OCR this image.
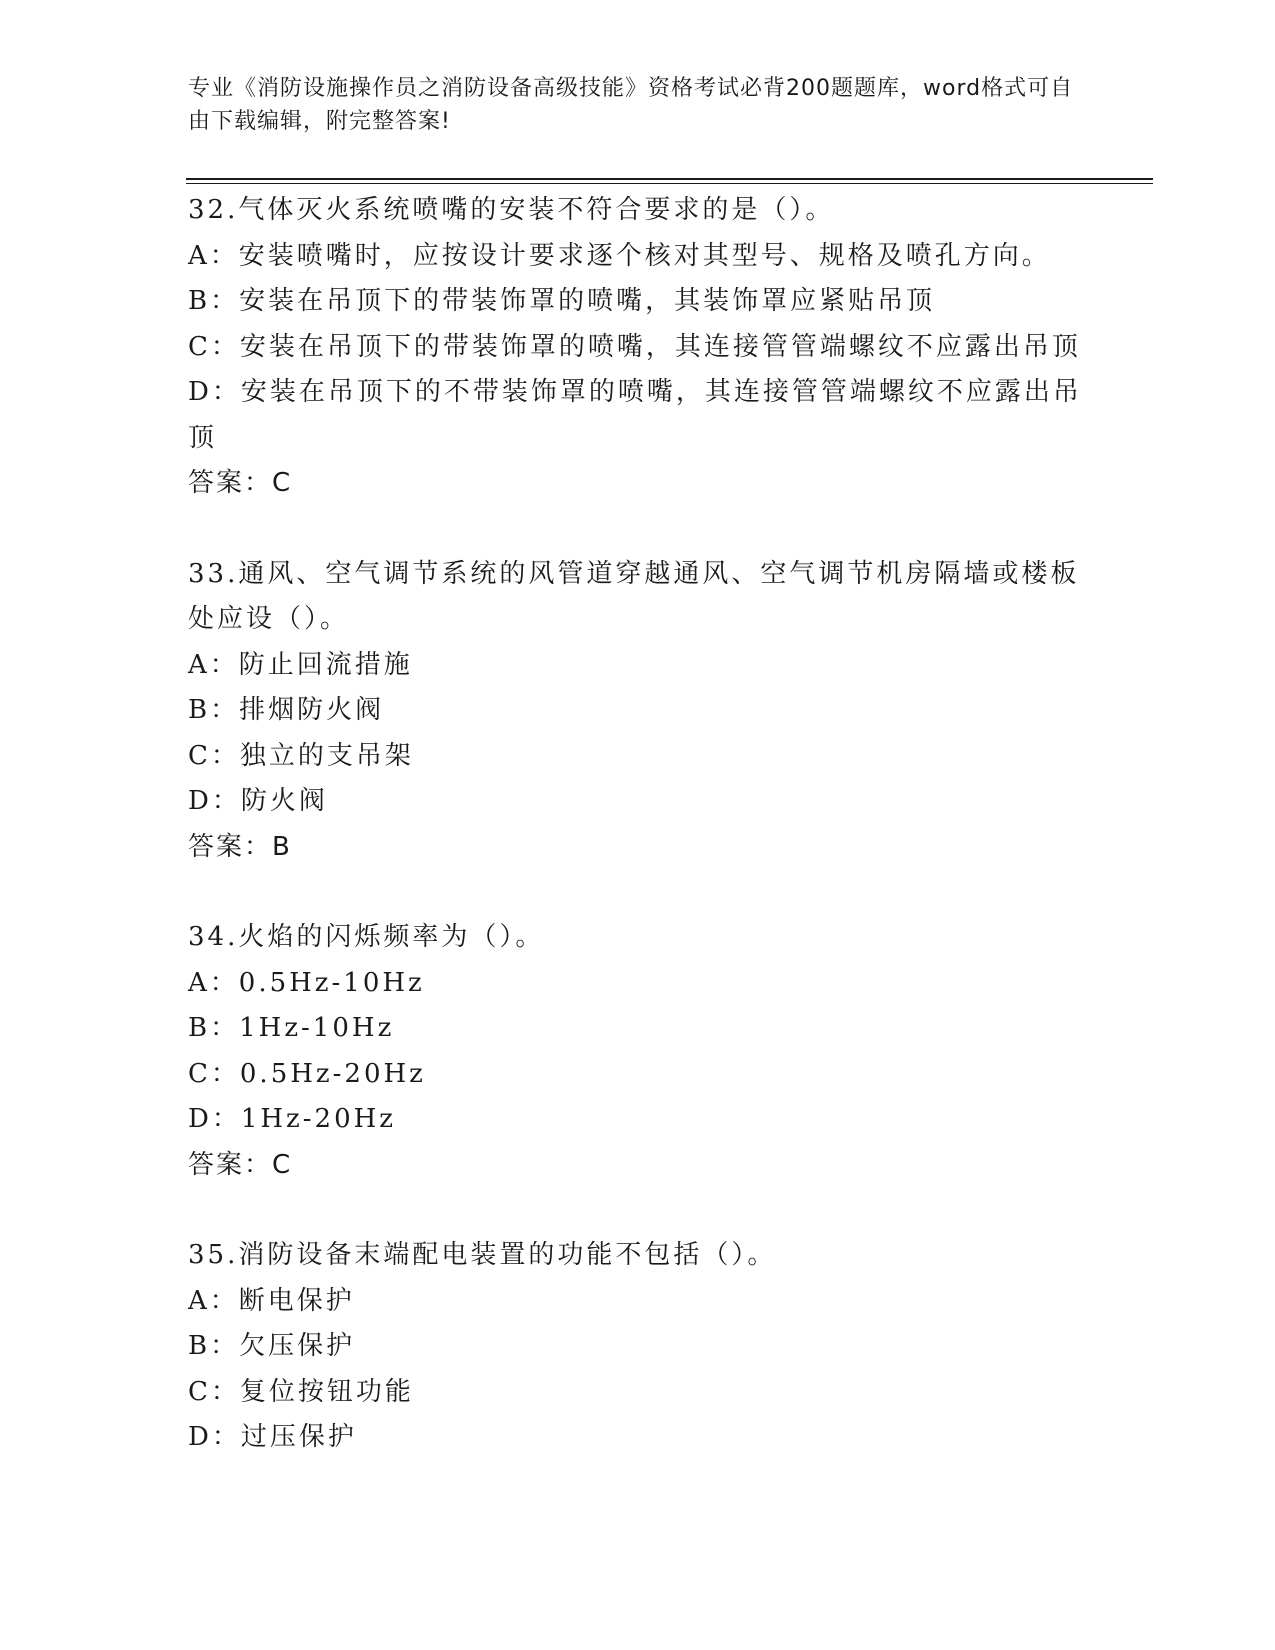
专业《消防设施操作员之消防设备高级技能》资格考试必背200题题库，word格式可自由下载编辑，附完整答案!

32.气体灭火系统喷嘴的安装不符合要求的是（）。

A：安装喷嘴时，应按设计要求逐个核对其型号、规格及喷孔方向。

B：安装在吊顶下的带装饰罩的喷嘴，其装饰罩应紧贴吊顶

C：安装在吊顶下的带装饰罩的喷嘴，其连接管管端螺纹不应露出吊顶

D：安装在吊顶下的不带装饰罩的喷嘴，其连接管管端螺纹不应露出吊顶

答案：C

33.通风、空气调节系统的风管道穿越通风、空气调节机房隔墙或楼板处应设（）。

A：防止回流措施

B：排烟防火阀

C：独立的支吊架

D：防火阀

答案：B

34.火焰的闪烁频率为（）。

A：0.5Hz-10Hz

B：1Hz-10Hz

C：0.5Hz-20Hz

D：1Hz-20Hz

答案：C

35.消防设备末端配电装置的功能不包括（）。

A：断电保护

B：欠压保护

C：复位按钮功能

D：过压保护
